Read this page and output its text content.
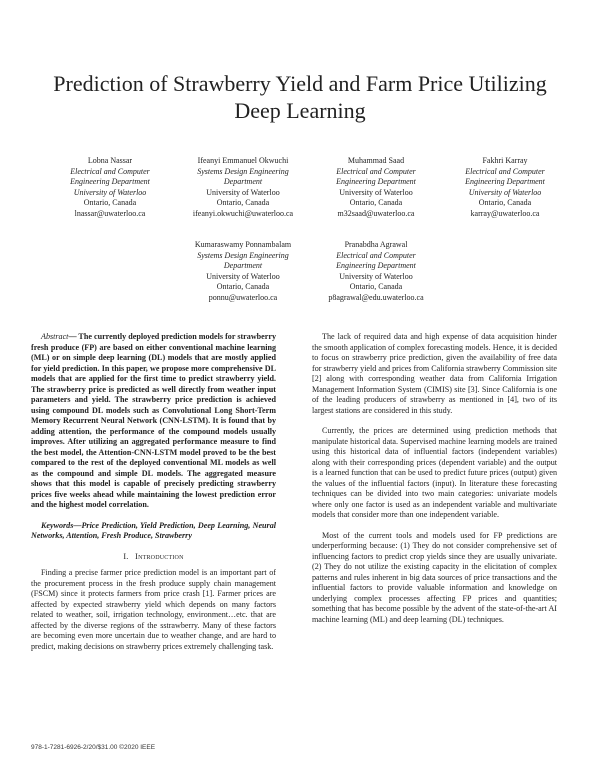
Prediction of Strawberry Yield and Farm Price Utilizing Deep Learning
Lobna Nassar
Electrical and Computer Engineering Department
University of Waterloo
Ontario, Canada
lnassar@uwaterloo.ca
Ifeanyi Emmanuel Okwuchi
Systems Design Engineering Department
University of Waterloo
Ontario, Canada
ifeanyi.okwuchi@uwaterloo.ca
Muhammad Saad
Electrical and Computer Engineering Department
University of Waterloo
Ontario, Canada
m32saad@uwaterloo.ca
Fakhri Karray
Electrical and Computer Engineering Department
University of Waterloo
Ontario, Canada
karray@uwaterloo.ca
Kumaraswamy Ponnambalam
Systems Design Engineering Department
University of Waterloo
Ontario, Canada
ponnu@uwaterloo.ca
Pranabdha Agrawal
Electrical and Computer Engineering Department
University of Waterloo
Ontario, Canada
p8agrawal@edu.uwaterloo.ca
Abstract— The currently deployed prediction models for strawberry fresh produce (FP) are based on either conventional machine learning (ML) or on simple deep learning (DL) models that are mostly applied for yield prediction. In this paper, we propose more comprehensive DL models that are applied for the first time to predict strawberry yield. The strawberry price is predicted as well directly from weather input parameters and yield. The strawberry price prediction is achieved using compound DL models such as Convolutional Long Short-Term Memory Recurrent Neural Network (CNN-LSTM). It is found that by adding attention, the performance of the compound models usually improves. After utilizing an aggregated performance measure to find the best model, the Attention-CNN-LSTM model proved to be the best compared to the rest of the deployed conventional ML models as well as the compound and simple DL models. The aggregated measure shows that this model is capable of precisely predicting strawberry prices five weeks ahead while maintaining the lowest prediction error and the highest model correlation.
Keywords—Price Prediction, Yield Prediction, Deep Learning, Neural Networks, Attention, Fresh Produce, Strawberry
I. Introduction

Finding a precise farmer price prediction model is an important part of the procurement process in the fresh produce supply chain management (FSCM) since it protects farmers from price crash [1]. Farmer prices are affected by expected strawberry yield which depends on many factors related to weather, soil, irrigation technology, environment…etc. that are affected by the diverse regions of the sstrawberry. Many of these factors are becoming even more uncertain due to weather change, and are hard to predict, making decisions on strawberry prices extremely challenging task.

The lack of required data and high expense of data acquisition hinder the smooth application of complex forecasting models. Hence, it is decided to focus on strawberry price prediction, given the availability of free data for strawberry yield and prices from California strawberry Commission site [2] along with corresponding weather data from California Irrigation Management Information System (CIMIS) site [3]. Since California is one of the leading producers of strawberry as mentioned in [4], two of its largest stations are considered in this study.

Currently, the prices are determined using prediction methods that manipulate historical data. Supervised machine learning models are trained using this historical data of influential factors (independent variables) along with their corresponding prices (dependent variable) and the output is a learned function that can be used to predict future prices (output) given the values of the influential factors (input). In literature these forecasting techniques can be divided into two main categories: univariate models where only one factor is used as an independent variable and multivariate models that consider more than one independent variable.

Most of the current tools and models used for FP predictions are underperforming because: (1) They do not consider comprehensive set of influencing factors to predict crop yields since they are usually univariate. (2) They do not utilize the existing capacity in the elicitation of complex patterns and rules inherent in big data sources of price transactions and the influential factors to provide valuable information and knowledge on underlying complex processes affecting FP prices and quantities; something that has become possible by the advent of the state-of-the-art AI machine learning (ML) and deep learning (DL) techniques.

978-1-7281-6926-2/20/$31.00 ©2020 IEEE
